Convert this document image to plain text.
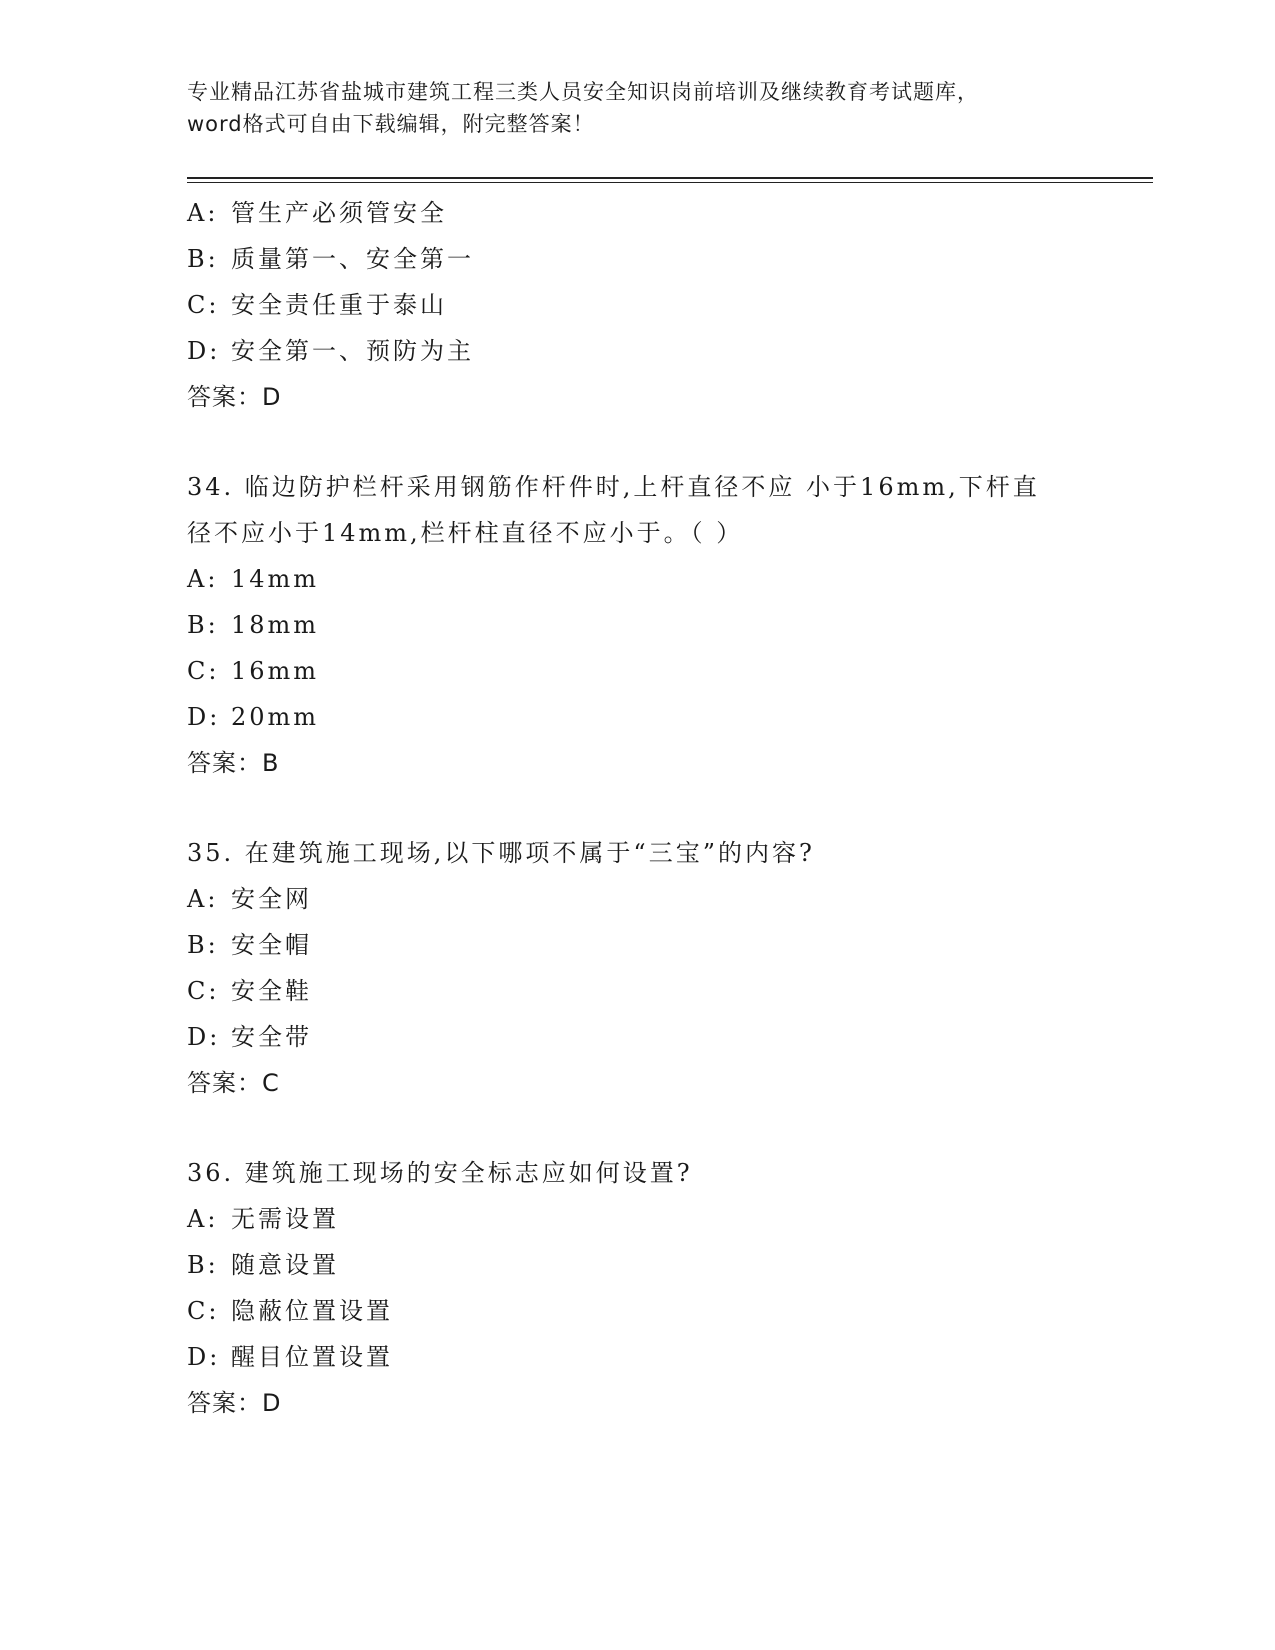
专业精品江苏省盐城市建筑工程三类人员安全知识岗前培训及继续教育考试题库，
word格式可自由下载编辑，附完整答案！
A: 管生产必须管安全
B: 质量第一、安全第一
C: 安全责任重于泰山
D: 安全第一、预防为主
答案：D
34. 临边防护栏杆采用钢筋作杆件时,上杆直径不应 小于16mm,下杆直
径不应小于14mm,栏杆柱直径不应小于。（ ）
A: 14mm
B: 18mm
C: 16mm
D: 20mm
答案：B
35. 在建筑施工现场,以下哪项不属于“三宝”的内容?
A: 安全网
B: 安全帽
C: 安全鞋
D: 安全带
答案：C
36. 建筑施工现场的安全标志应如何设置?
A: 无需设置
B: 随意设置
C: 隐蔽位置设置
D: 醒目位置设置
答案：D
